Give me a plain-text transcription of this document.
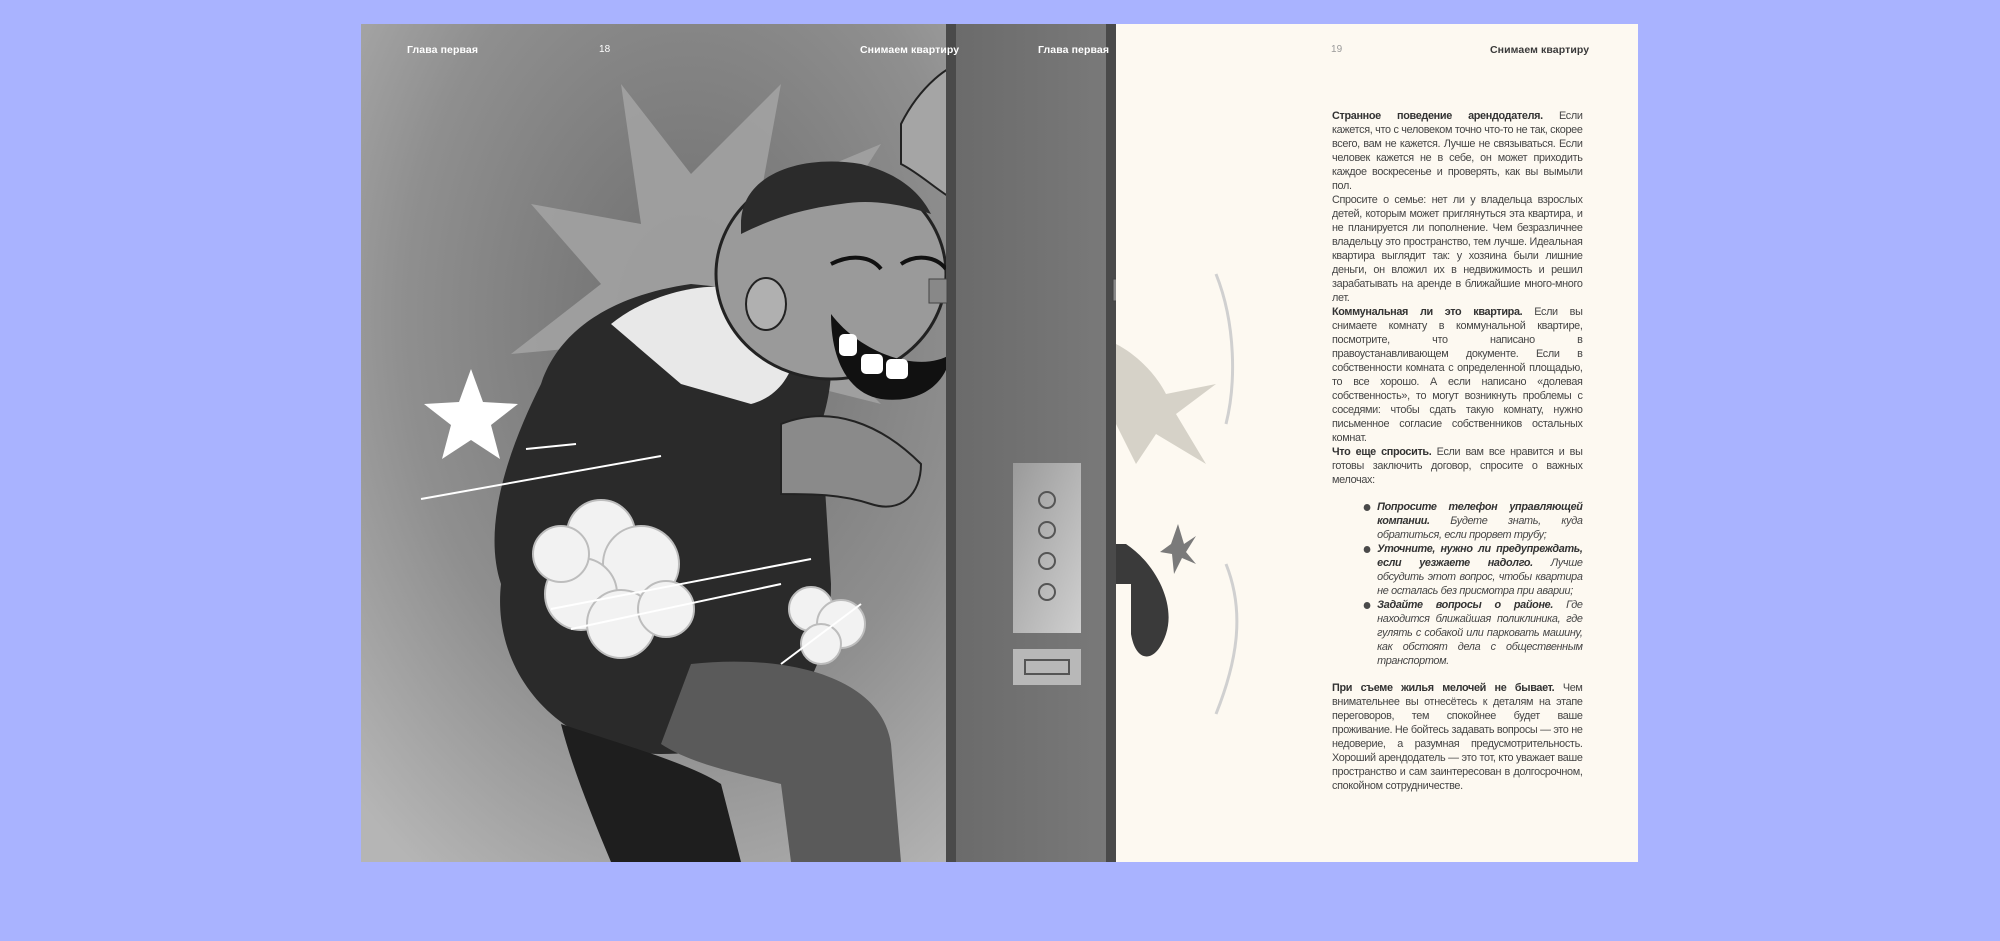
Глава первая	18	Снимаем квартиру	Глава первая	19	Снимаем квартиру

Странное поведение арендодателя. Если кажется, что с человеком точно что-то не так, скорее всего, вам не кажется. Лучше не связываться. Если человек кажется не в себе, он может приходить каждое воскресенье и проверять, как вы вымыли пол.

Спросите о семье: нет ли у владельца взрослых детей, которым может приглянуться эта квартира, и не планируется ли пополнение. Чем безразличнее владельцу это пространство, тем лучше. Идеальная квартира выглядит так: у хозяина были лишние деньги, он вложил их в недвижимость и решил зарабатывать на аренде в ближайшие много-много лет.

Коммунальная ли это квартира. Если вы снимаете комнату в коммунальной квартире, посмотрите, что написано в правоустанавливающем документе. Если в собственности комната с определенной площадью, то все хорошо. А если написано «долевая собственность», то могут возникнуть проблемы с соседями: чтобы сдать такую комнату, нужно письменное согласие собственников остальных комнат.

Что еще спросить. Если вам все нравится и вы готовы заключить договор, спросите о важных мелочах:

Попросите телефон управляющей компании. Будете знать, куда обратиться, если прорвет трубу;
Уточните, нужно ли предупреждать, если уезжаете надолго. Лучше обсудить этот вопрос, чтобы квартира не осталась без присмотра при аварии;
Задайте вопросы о районе. Где находится ближайшая поликлиника, где гулять с собакой или парковать машину, как обстоят дела с общественным транспортом.

При съеме жилья мелочей не бывает. Чем внимательнее вы отнесётесь к деталям на этапе переговоров, тем спокойнее будет ваше проживание. Не бойтесь задавать вопросы — это не недоверие, а разумная предусмотрительность. Хороший арендодатель — это тот, кто уважает ваше пространство и сам заинтересован в долгосрочном, спокойном сотрудничестве.
